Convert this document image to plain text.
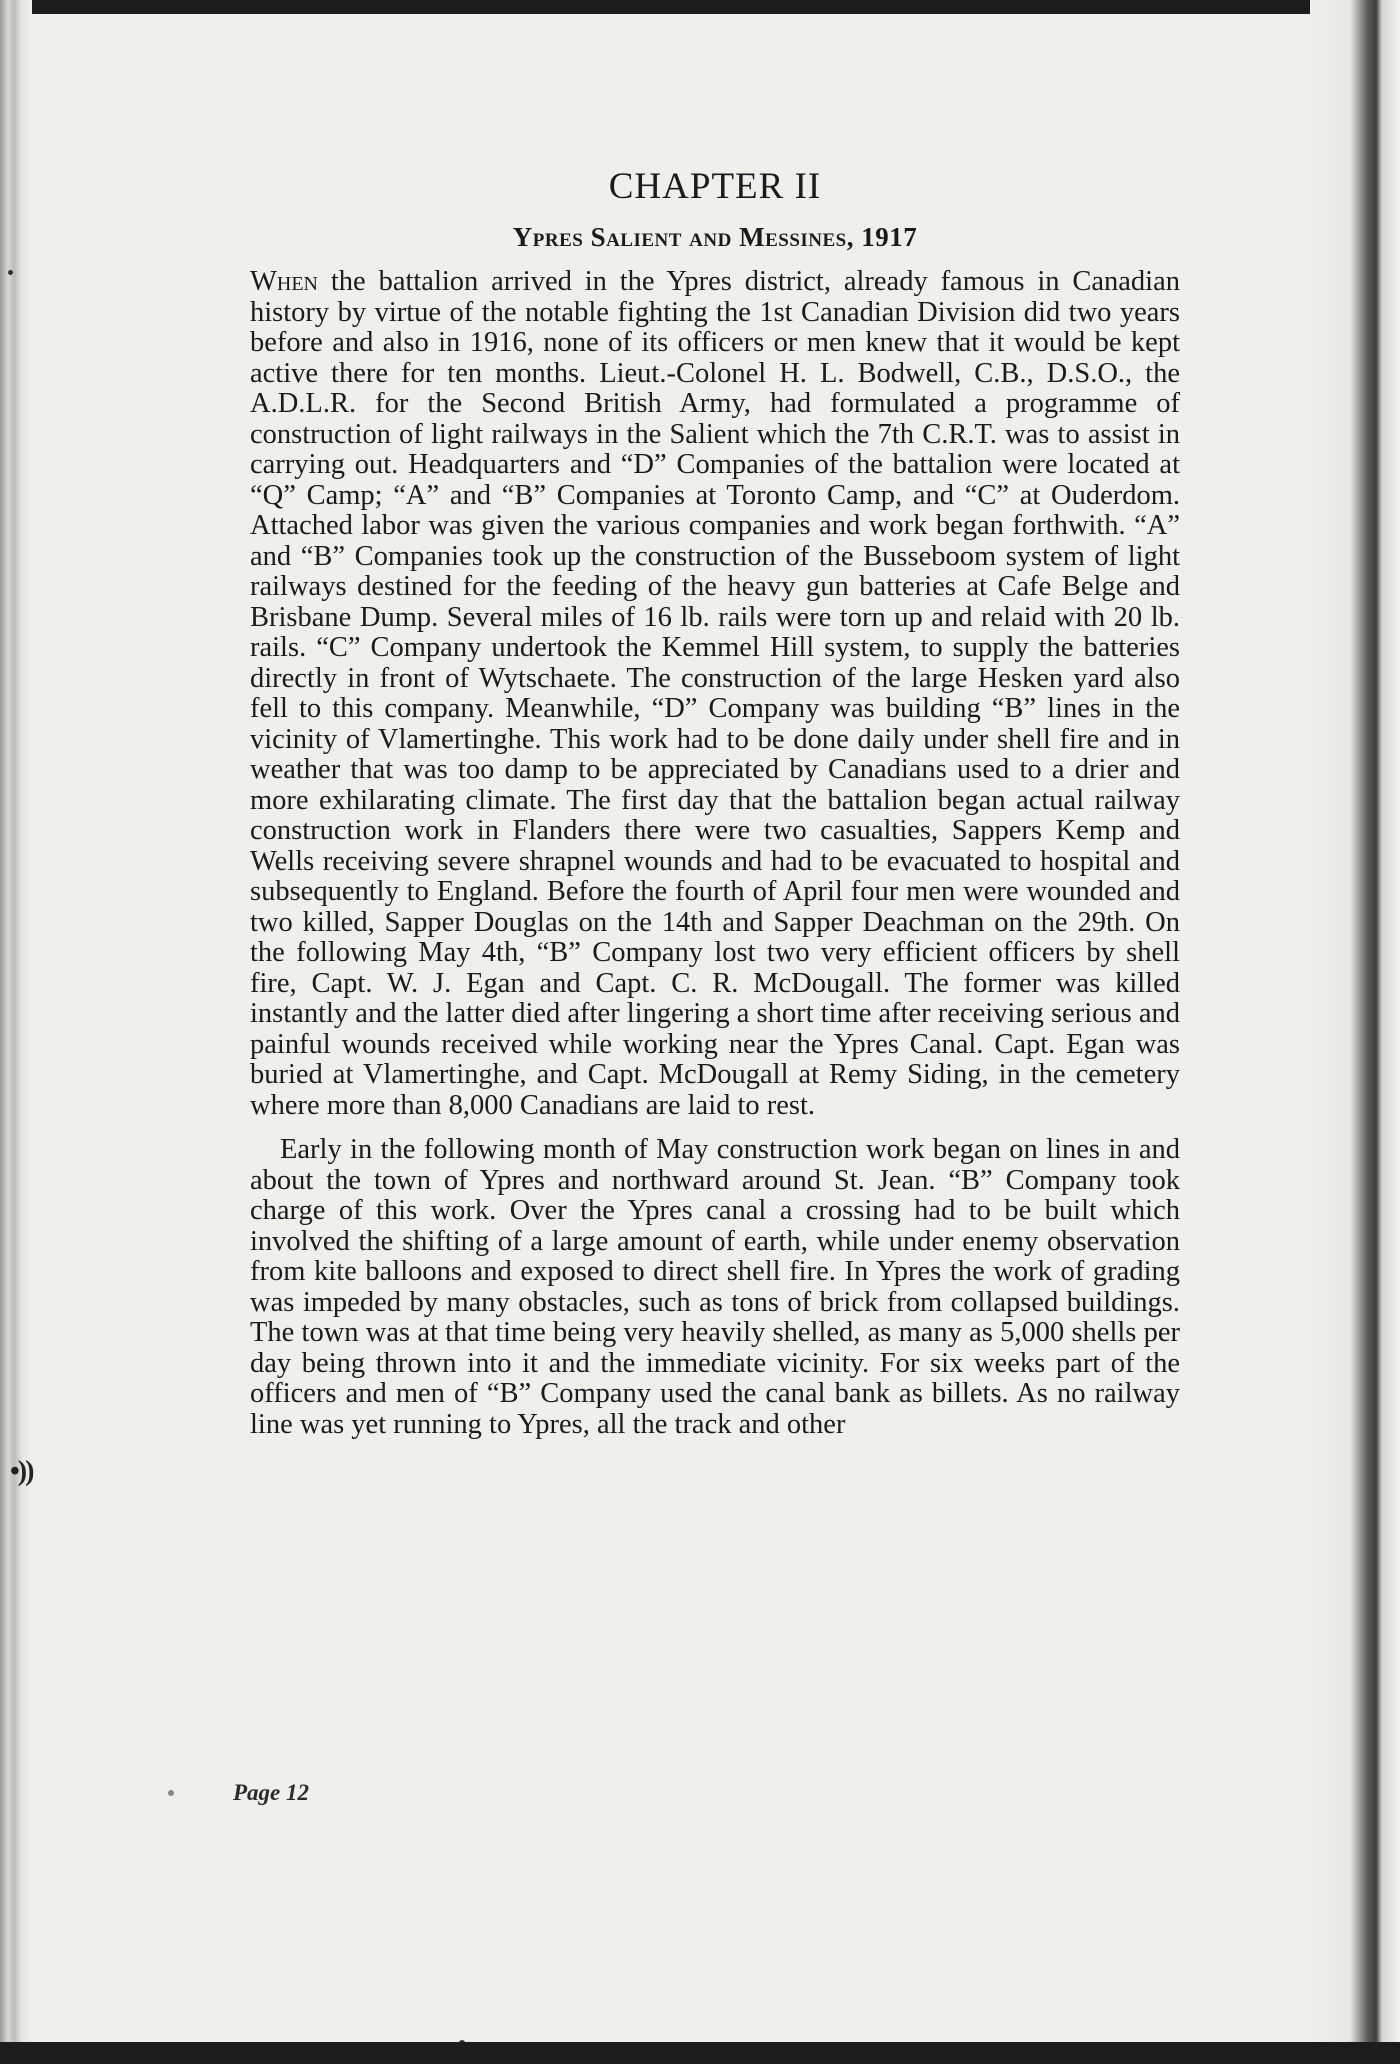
CHAPTER II
Ypres Salient and Messines, 1917

When the battalion arrived in the Ypres district, already famous in Canadian history by virtue of the notable fighting the 1st Canadian Division did two years before and also in 1916, none of its officers or men knew that it would be kept active there for ten months. Lieut.-Colonel H. L. Bodwell, C.B., D.S.O., the A.D.L.R. for the Second British Army, had formulated a programme of construction of light railways in the Salient which the 7th C.R.T. was to assist in carrying out. Headquarters and “D” Companies of the battalion were located at “Q” Camp; “A” and “B” Companies at Toronto Camp, and “C” at Ouderdom. Attached labor was given the various companies and work began forthwith. “A” and “B” Companies took up the construction of the Busseboom system of light railways destined for the feeding of the heavy gun batteries at Cafe Belge and Brisbane Dump. Several miles of 16 lb. rails were torn up and relaid with 20 lb. rails. “C” Company undertook the Kemmel Hill system, to supply the batteries directly in front of Wytschaete. The construction of the large Hesken yard also fell to this company. Meanwhile, “D” Company was building “B” lines in the vicinity of Vlamertinghe. This work had to be done daily under shell fire and in weather that was too damp to be appreciated by Canadians used to a drier and more exhilarating climate. The first day that the battalion began actual railway construction work in Flanders there were two casualties, Sappers Kemp and Wells receiving severe shrapnel wounds and had to be evacuated to hospital and subsequently to England. Before the fourth of April four men were wounded and two killed, Sapper Douglas on the 14th and Sapper Deachman on the 29th. On the following May 4th, “B” Company lost two very efficient officers by shell fire, Capt. W. J. Egan and Capt. C. R. McDougall. The former was killed instantly and the latter died after lingering a short time after receiving serious and painful wounds received while working near the Ypres Canal. Capt. Egan was buried at Vlamertinghe, and Capt. McDougall at Remy Siding, in the cemetery where more than 8,000 Canadians are laid to rest.

Early in the following month of May construction work began on lines in and about the town of Ypres and northward around St. Jean. “B” Company took charge of this work. Over the Ypres canal a crossing had to be built which involved the shifting of a large amount of earth, while under enemy observation from kite balloons and exposed to direct shell fire. In Ypres the work of grading was impeded by many obstacles, such as tons of brick from collapsed buildings. The town was at that time being very heavily shelled, as many as 5,000 shells per day being thrown into it and the immediate vicinity. For six weeks part of the officers and men of “B” Company used the canal bank as billets. As no railway line was yet running to Ypres, all the track and other

•))
Page 12
